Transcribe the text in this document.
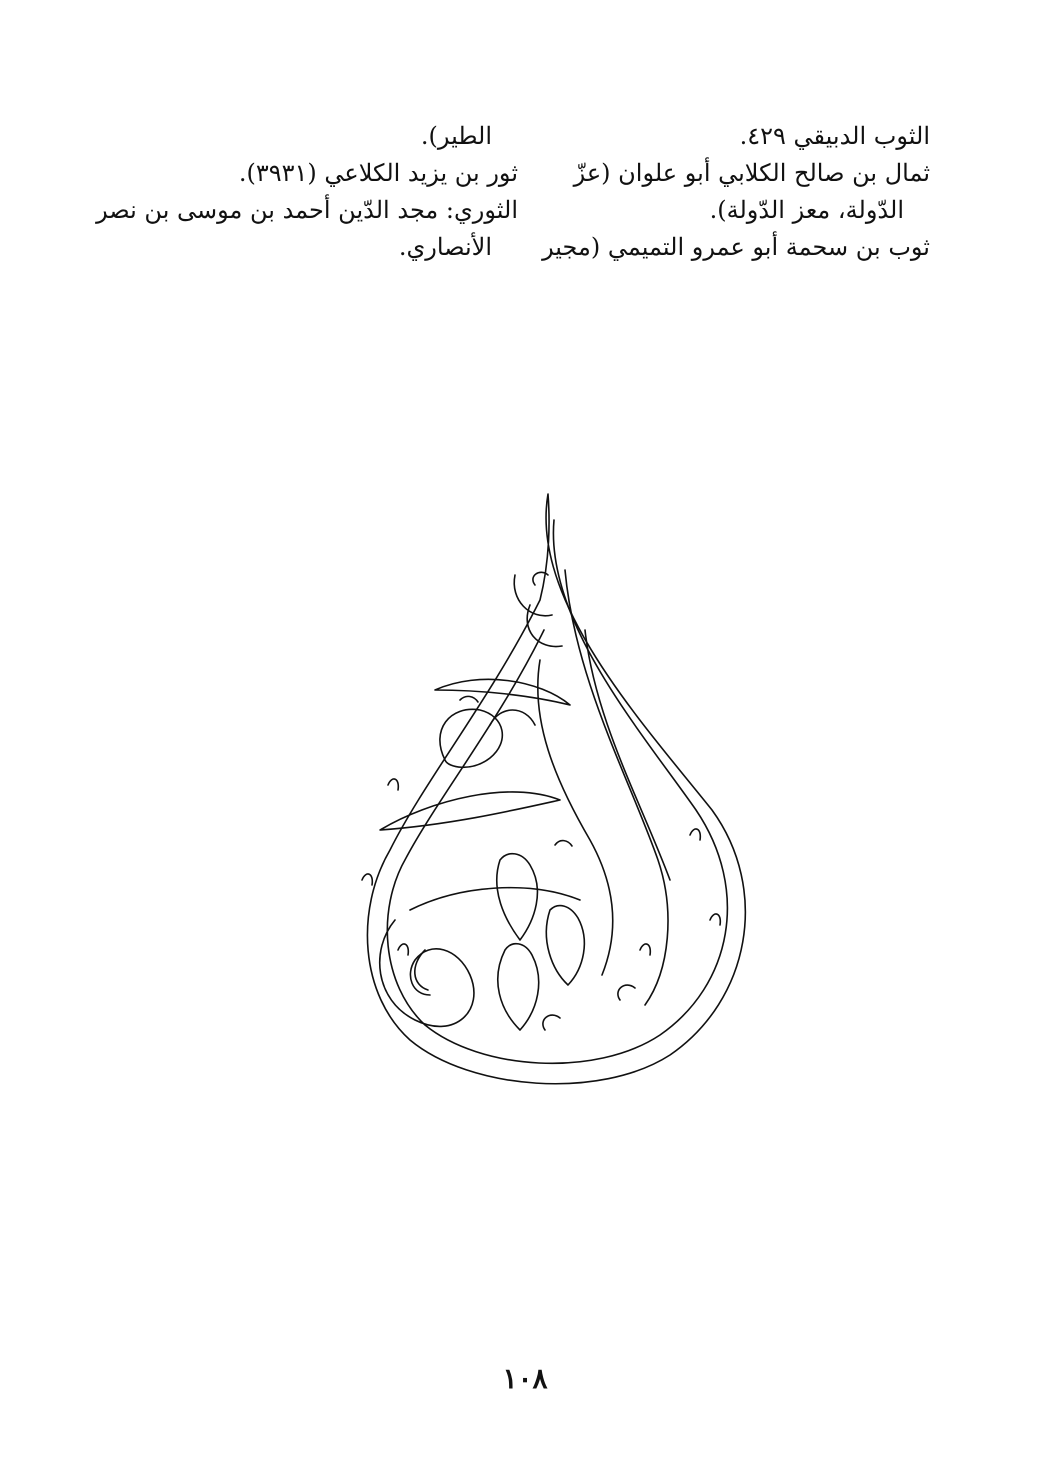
الثوب الدبيقي ٤٢٩.
ثمال بن صالح الكلابي أبو علوان (عزّ
الدّولة، معز الدّولة).
ثوب بن سحمة أبو عمرو التميمي (مجير
الطير).
ثور بن يزيد الكلاعي (٣٩٣١).
الثوري: مجد الدّين أحمد بن موسى بن نصر
الأنصاري.
١٠٨
